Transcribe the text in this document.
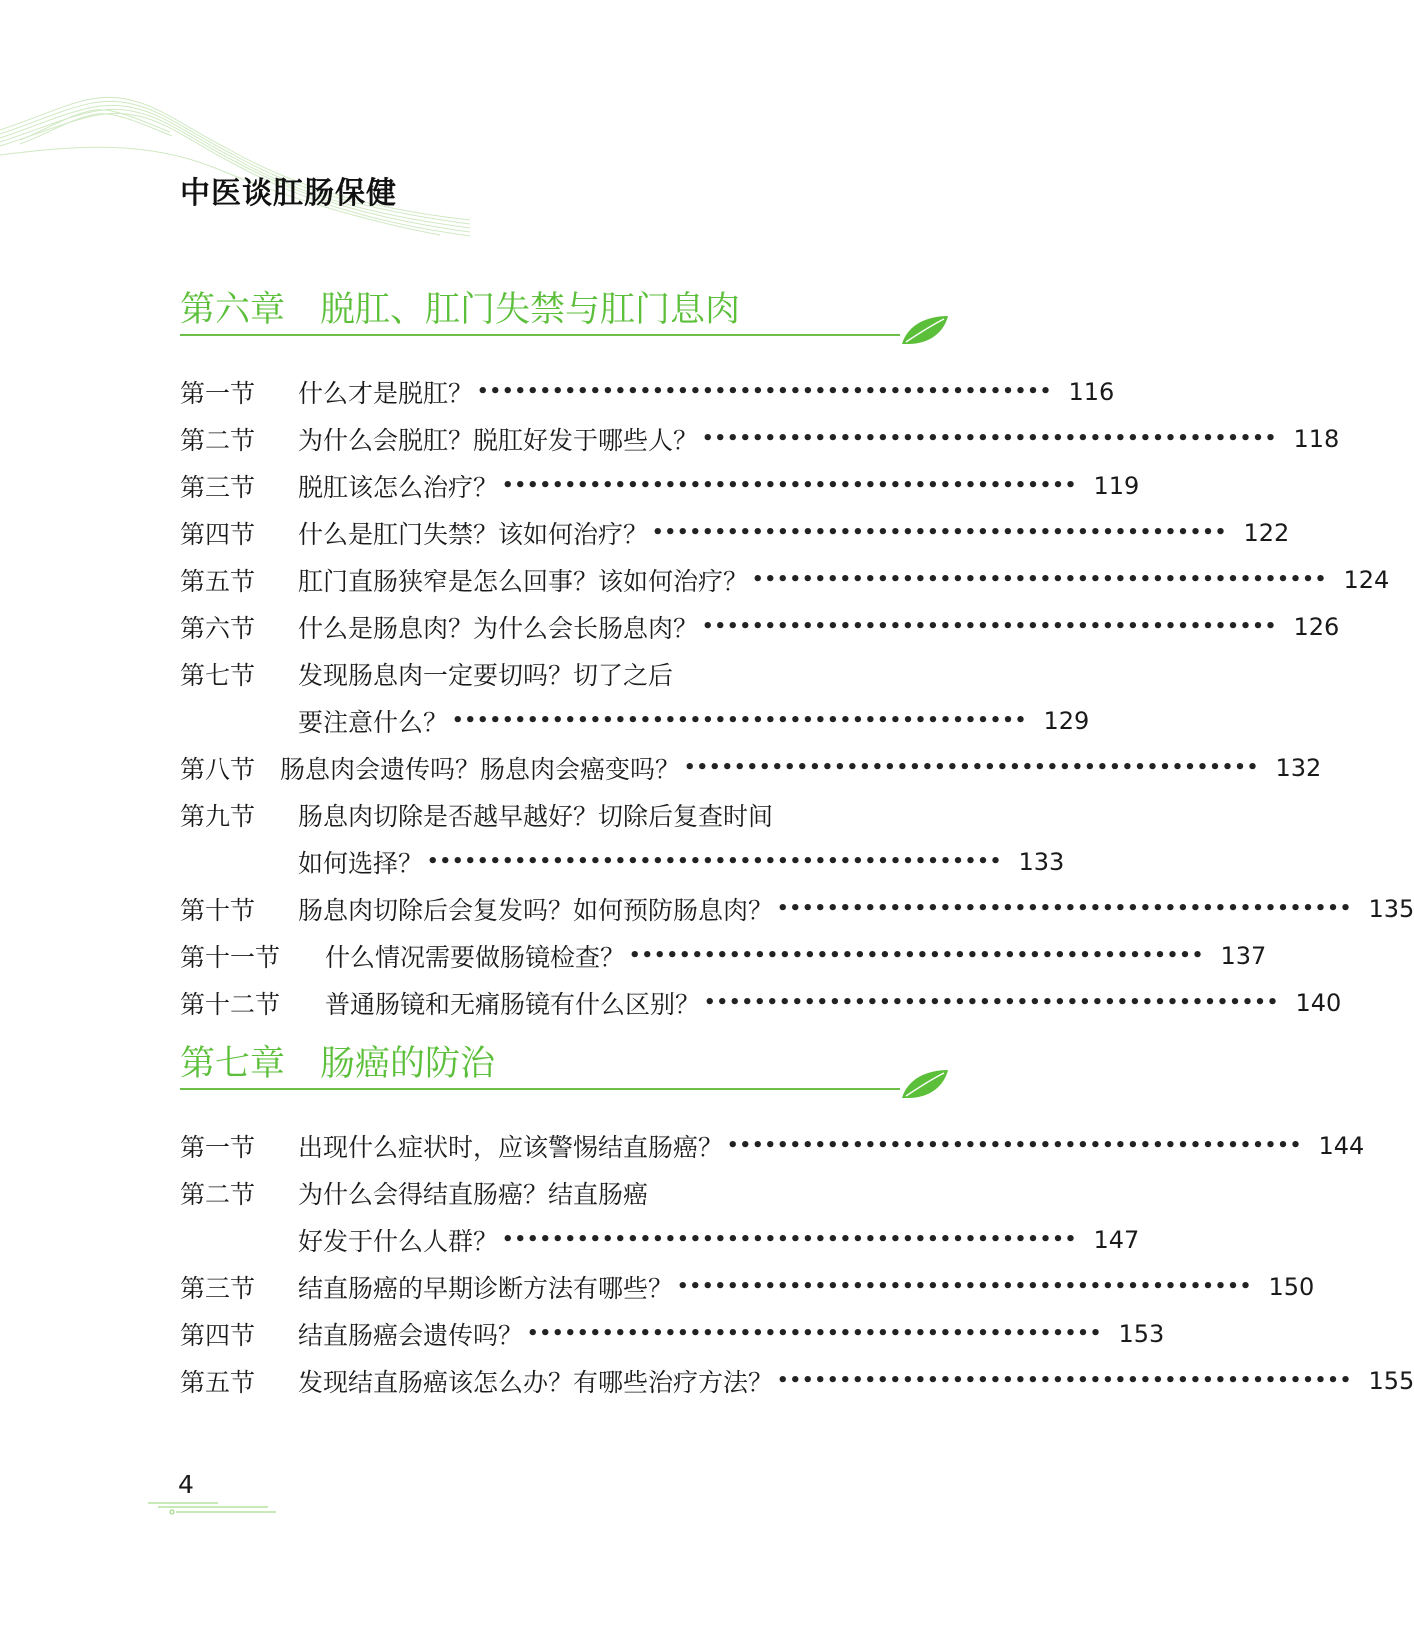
中医谈肛肠保健
第六章 脱肛、肛门失禁与肛门息肉
第一节	什么才是脱肛？ •••••••••••••••••••••••••••••••••••••••••••••• 116
第二节	为什么会脱肛？脱肛好发于哪些人？ •••••••••••••••••••••••••••••••••••••••••••••• 118
第三节	脱肛该怎么治疗？ •••••••••••••••••••••••••••••••••••••••••••••• 119
第四节	什么是肛门失禁？该如何治疗？ •••••••••••••••••••••••••••••••••••••••••••••• 122
第五节	肛门直肠狭窄是怎么回事？该如何治疗？ •••••••••••••••••••••••••••••••••••••••••••••• 124
第六节	什么是肠息肉？为什么会长肠息肉？ •••••••••••••••••••••••••••••••••••••••••••••• 126
第七节	发现肠息肉一定要切吗？切了之后
要注意什么？ •••••••••••••••••••••••••••••••••••••••••••••• 129
第八节 肠息肉会遗传吗？肠息肉会癌变吗？ •••••••••••••••••••••••••••••••••••••••••••••• 132
第九节	肠息肉切除是否越早越好？切除后复查时间
如何选择？ •••••••••••••••••••••••••••••••••••••••••••••• 133
第十节	肠息肉切除后会复发吗？如何预防肠息肉？ •••••••••••••••••••••••••••••••••••••••••••••• 135
第十一节	什么情况需要做肠镜检查？ •••••••••••••••••••••••••••••••••••••••••••••• 137
第十二节	普通肠镜和无痛肠镜有什么区别？ •••••••••••••••••••••••••••••••••••••••••••••• 140
第七章 肠癌的防治
第一节	出现什么症状时，应该警惕结直肠癌？ •••••••••••••••••••••••••••••••••••••••••••••• 144
第二节	为什么会得结直肠癌？结直肠癌
好发于什么人群？ •••••••••••••••••••••••••••••••••••••••••••••• 147
第三节	结直肠癌的早期诊断方法有哪些？ •••••••••••••••••••••••••••••••••••••••••••••• 150
第四节	结直肠癌会遗传吗？ •••••••••••••••••••••••••••••••••••••••••••••• 153
第五节	发现结直肠癌该怎么办？有哪些治疗方法？ •••••••••••••••••••••••••••••••••••••••••••••• 155
4
